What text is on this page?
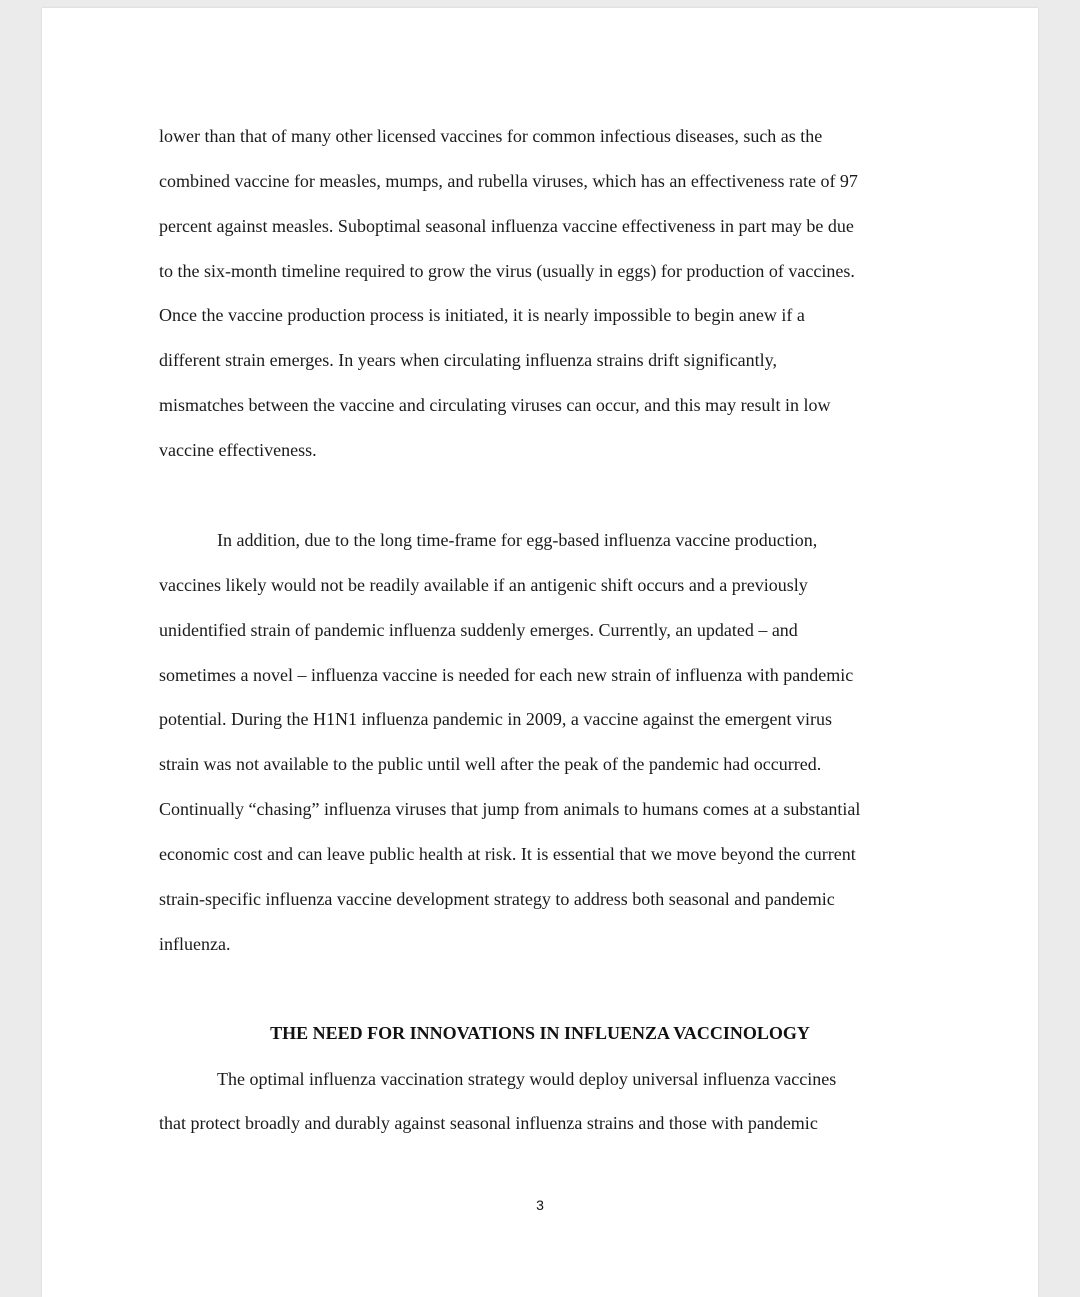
lower than that of many other licensed vaccines for common infectious diseases, such as the

combined vaccine for measles, mumps, and rubella viruses, which has an effectiveness rate of 97

percent against measles. Suboptimal seasonal influenza vaccine effectiveness in part may be due

to the six-month timeline required to grow the virus (usually in eggs) for production of vaccines.

Once the vaccine production process is initiated, it is nearly impossible to begin anew if a

different strain emerges. In years when circulating influenza strains drift significantly,

mismatches between the vaccine and circulating viruses can occur, and this may result in low

vaccine effectiveness.

In addition, due to the long time-frame for egg-based influenza vaccine production,

vaccines likely would not be readily available if an antigenic shift occurs and a previously

unidentified strain of pandemic influenza suddenly emerges. Currently, an updated – and

sometimes a novel – influenza vaccine is needed for each new strain of influenza with pandemic

potential. During the H1N1 influenza pandemic in 2009, a vaccine against the emergent virus

strain was not available to the public until well after the peak of the pandemic had occurred.

Continually “chasing” influenza viruses that jump from animals to humans comes at a substantial

economic cost and can leave public health at risk. It is essential that we move beyond the current

strain-specific influenza vaccine development strategy to address both seasonal and pandemic

influenza.

THE NEED FOR INNOVATIONS IN INFLUENZA VACCINOLOGY

The optimal influenza vaccination strategy would deploy universal influenza vaccines

that protect broadly and durably against seasonal influenza strains and those with pandemic

3
